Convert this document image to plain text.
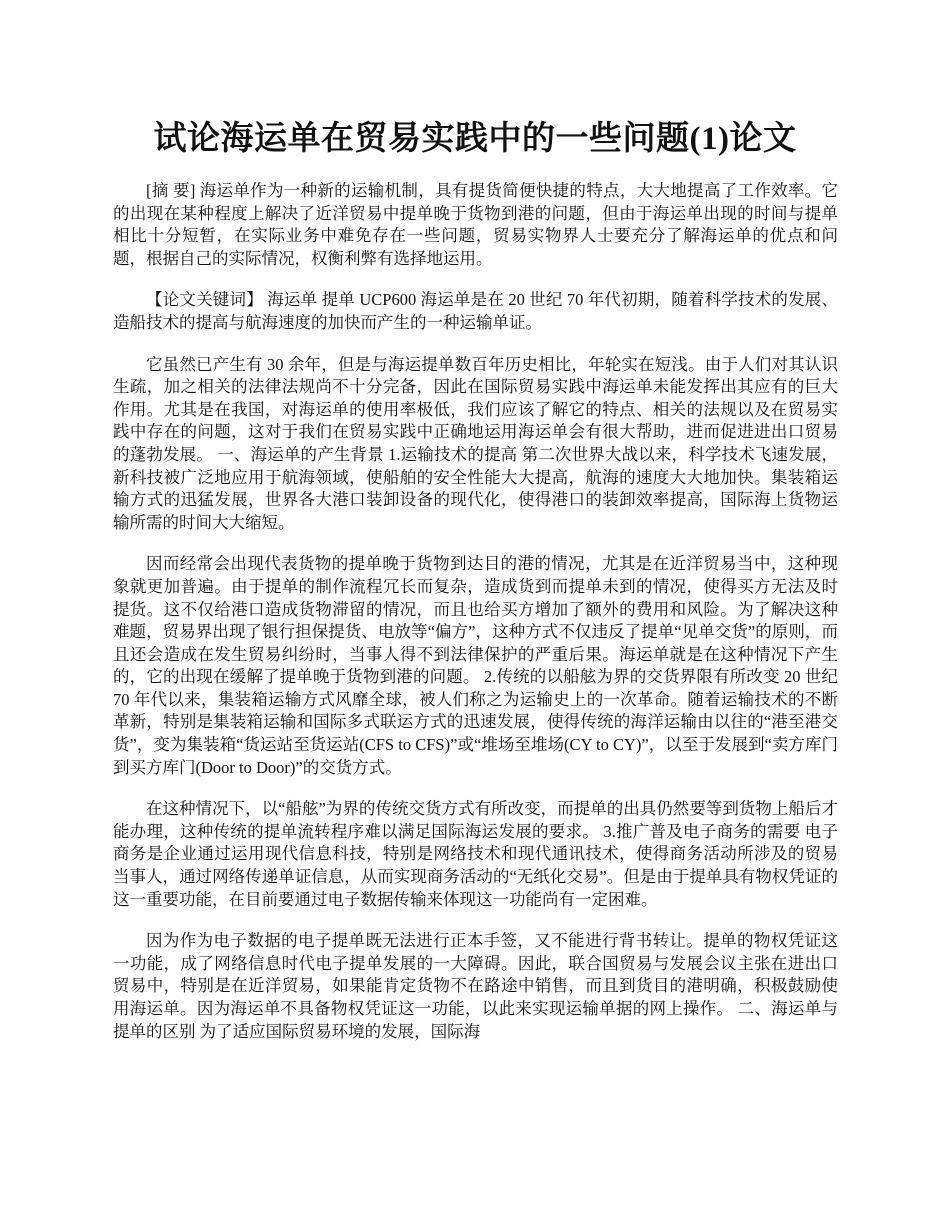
试论海运单在贸易实践中的一些问题(1)论文

[摘 要] 海运单作为一种新的运输机制，具有提货简便快捷的特点，大大地提高了工作效率。它的出现在某种程度上解决了近洋贸易中提单晚于货物到港的问题，但由于海运单出现的时间与提单相比十分短暂，在实际业务中难免存在一些问题，贸易实物界人士要充分了解海运单的优点和问题，根据自己的实际情况，权衡利弊有选择地运用。

【论文关键词】 海运单 提单 UCP600 海运单是在 20 世纪 70 年代初期，随着科学技术的发展、造船技术的提高与航海速度的加快而产生的一种运输单证。

它虽然已产生有 30 余年，但是与海运提单数百年历史相比，年轮实在短浅。由于人们对其认识生疏，加之相关的法律法规尚不十分完备，因此在国际贸易实践中海运单未能发挥出其应有的巨大作用。尤其是在我国，对海运单的使用率极低，我们应该了解它的特点、相关的法规以及在贸易实践中存在的问题，这对于我们在贸易实践中正确地运用海运单会有很大帮助，进而促进进出口贸易的蓬勃发展。 一、海运单的产生背景 1.运输技术的提高 第二次世界大战以来，科学技术飞速发展，新科技被广泛地应用于航海领域，使船舶的安全性能大大提高，航海的速度大大地加快。集装箱运输方式的迅猛发展，世界各大港口装卸设备的现代化，使得港口的装卸效率提高，国际海上货物运输所需的时间大大缩短。

因而经常会出现代表货物的提单晚于货物到达目的港的情况，尤其是在近洋贸易当中，这种现象就更加普遍。由于提单的制作流程冗长而复杂，造成货到而提单未到的情况，使得买方无法及时提货。这不仅给港口造成货物滞留的情况，而且也给买方增加了额外的费用和风险。为了解决这种难题，贸易界出现了银行担保提货、电放等“偏方”，这种方式不仅违反了提单“见单交货”的原则，而且还会造成在发生贸易纠纷时，当事人得不到法律保护的严重后果。海运单就是在这种情况下产生的，它的出现在缓解了提单晚于货物到港的问题。 2.传统的以船舷为界的交货界限有所改变 20 世纪 70 年代以来，集装箱运输方式风靡全球，被人们称之为运输史上的一次革命。随着运输技术的不断革新，特别是集装箱运输和国际多式联运方式的迅速发展，使得传统的海洋运输由以往的“港至港交货”，变为集装箱“货运站至货运站(CFS to CFS)”或“堆场至堆场(CY to CY)”，以至于发展到“卖方库门到买方库门(Door to Door)”的交货方式。

在这种情况下，以“船舷”为界的传统交货方式有所改变，而提单的出具仍然要等到货物上船后才能办理，这种传统的提单流转程序难以满足国际海运发展的要求。 3.推广普及电子商务的需要 电子商务是企业通过运用现代信息科技，特别是网络技术和现代通讯技术，使得商务活动所涉及的贸易当事人，通过网络传递单证信息，从而实现商务活动的“无纸化交易”。但是由于提单具有物权凭证的这一重要功能，在目前要通过电子数据传输来体现这一功能尚有一定困难。

因为作为电子数据的电子提单既无法进行正本手签，又不能进行背书转让。提单的物权凭证这一功能，成了网络信息时代电子提单发展的一大障碍。因此，联合国贸易与发展会议主张在进出口贸易中，特别是在近洋贸易，如果能肯定货物不在路途中销售，而且到货目的港明确，积极鼓励使用海运单。因为海运单不具备物权凭证这一功能，以此来实现运输单据的网上操作。 二、海运单与提单的区别 为了适应国际贸易环境的发展，国际海
